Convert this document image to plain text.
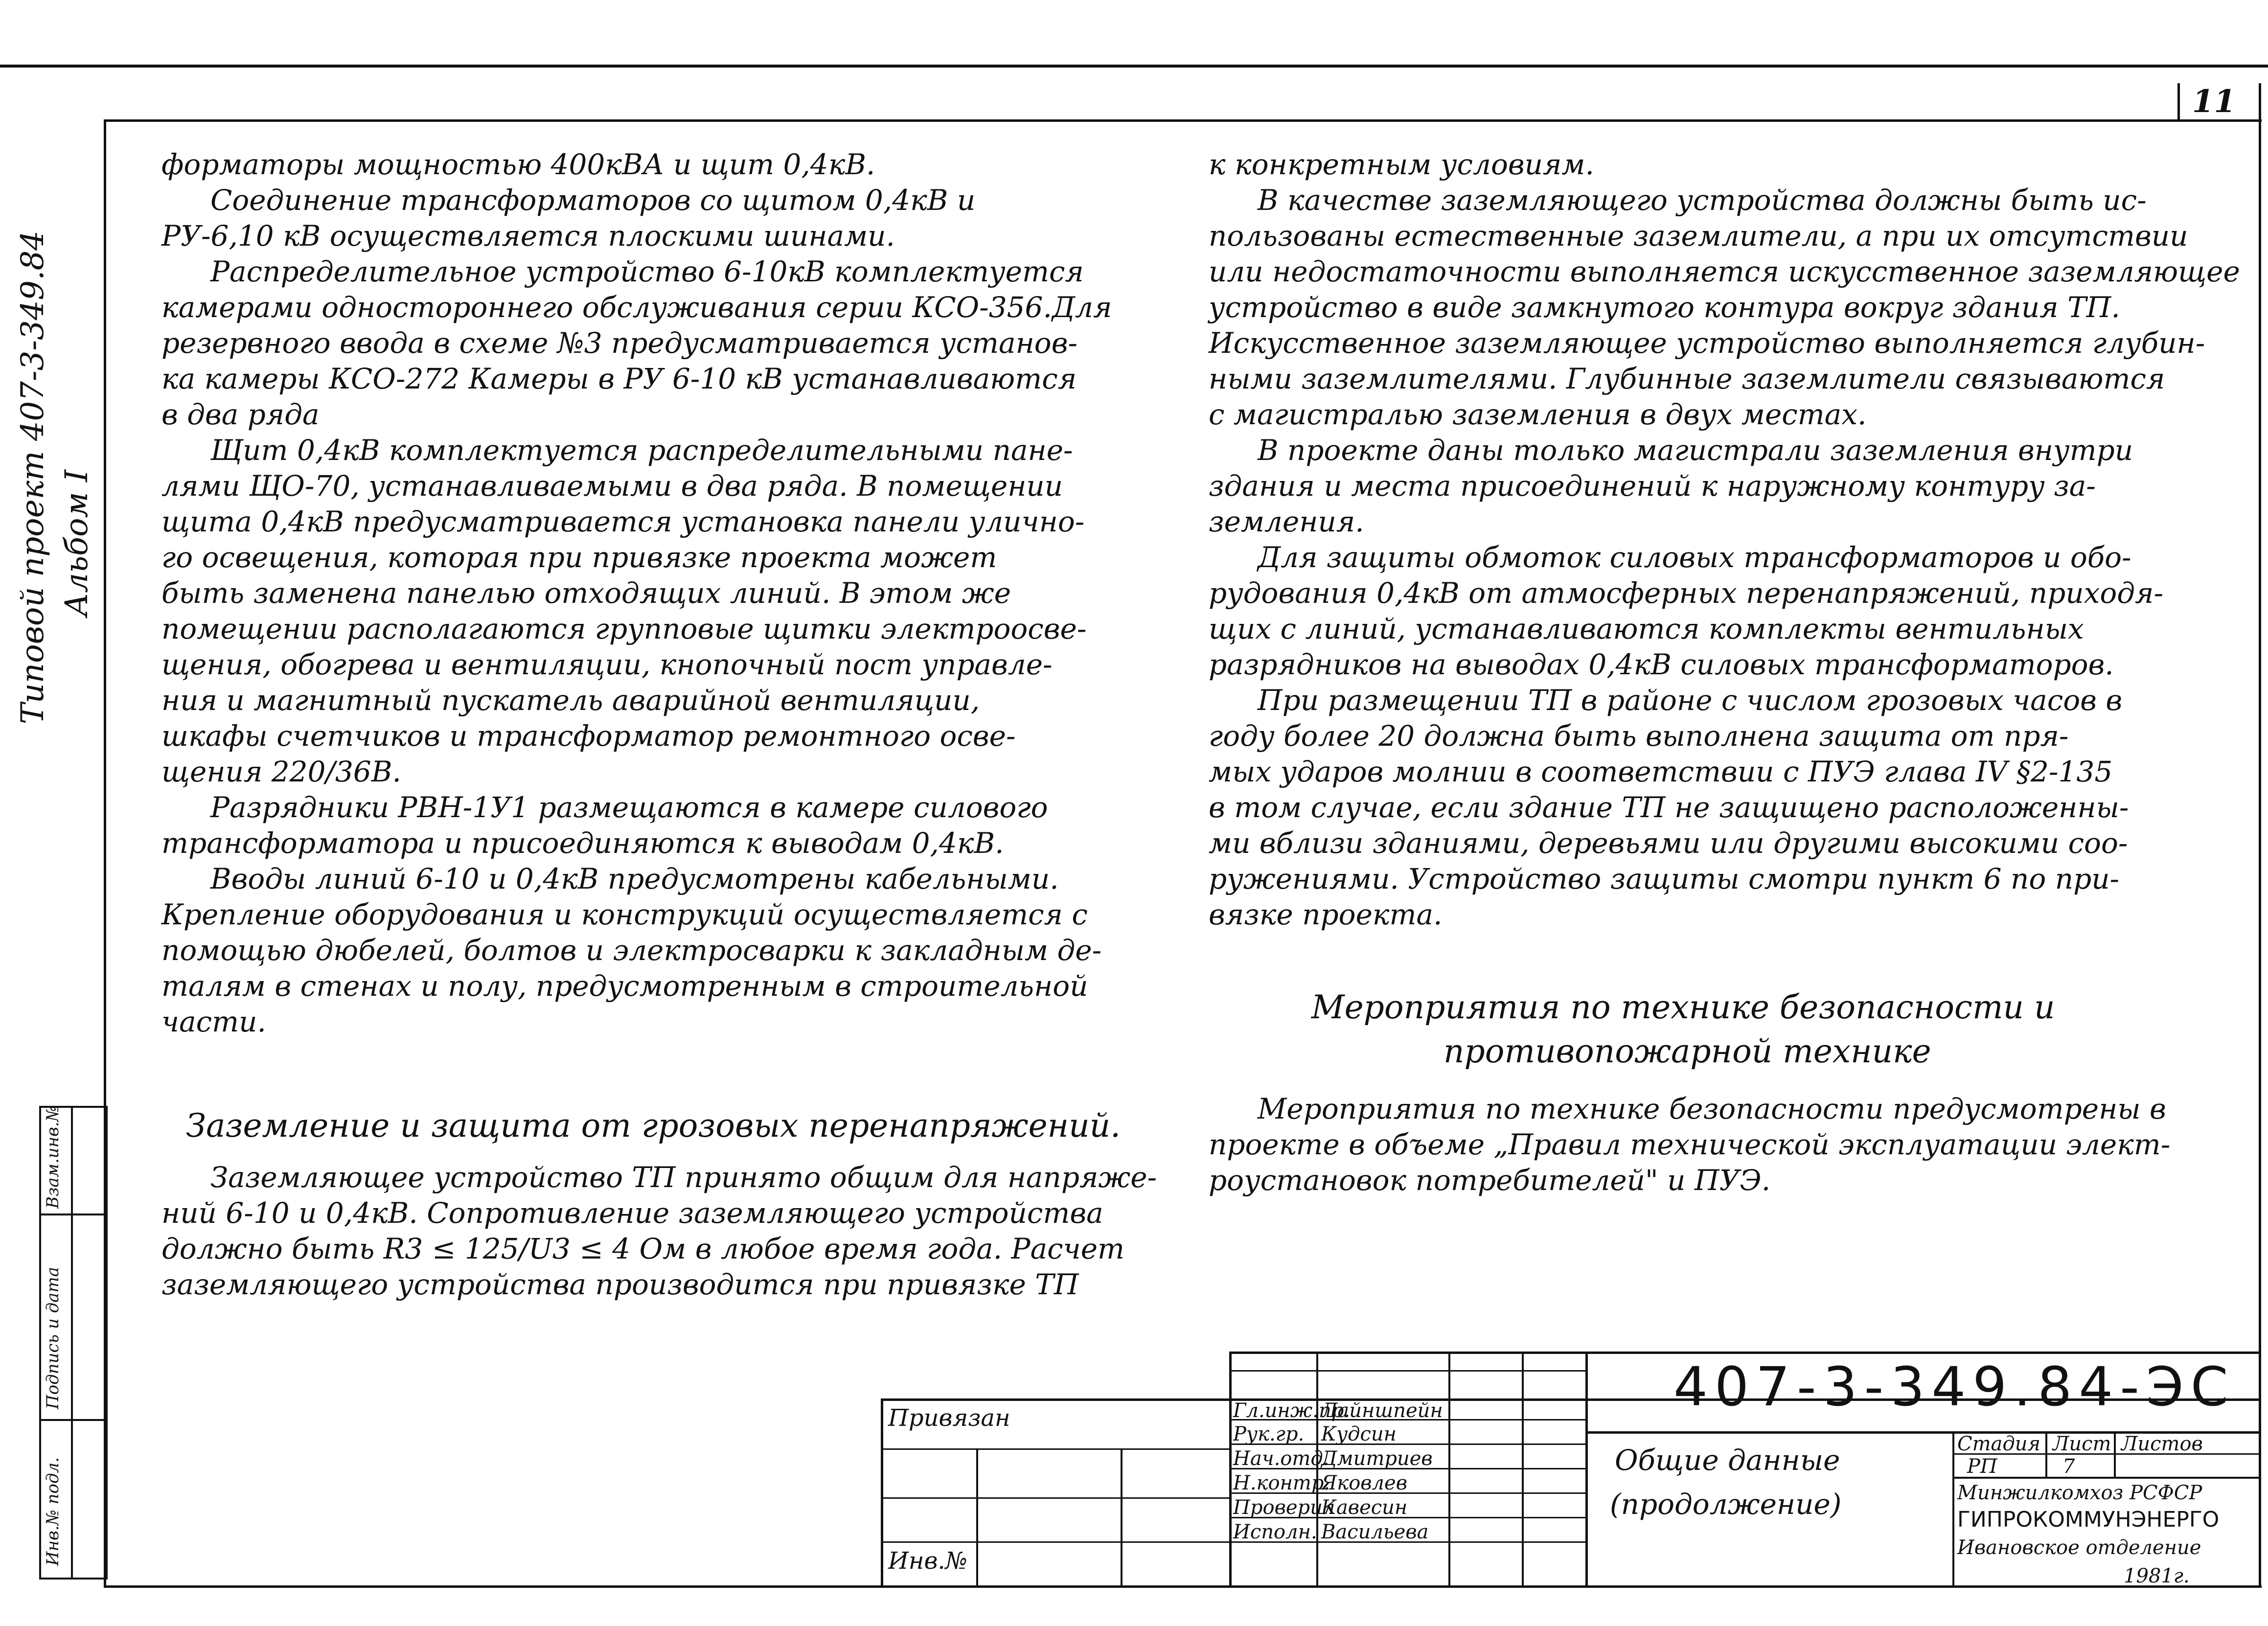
11
Типовой проект 407-3-349.84 Альбом I
Инв.№ подл.
Подпись и дата
Взам.инв.№

форматоры мощностью 400кВА и щит 0,4кВ.

Соединение трансформаторов со щитом 0,4кВ и

РУ-6,10 кВ осуществляется плоскими шинами.

Распределительное устройство 6-10кВ комплектуется

камерами одностороннего обслуживания серии КСО-356.Для

резервного ввода в схеме №3 предусматривается установ-

ка камеры КСО-272 Камеры в РУ 6-10 кВ устанавливаются

в два ряда

Щит 0,4кВ комплектуется распределительными пане-

лями ЩО-70, устанавливаемыми в два ряда. В помещении

щита 0,4кВ предусматривается установка панели улично-

го освещения, которая при привязке проекта может

быть заменена панелью отходящих линий. В этом же

помещении располагаются групповые щитки электроосве-

щения, обогрева и вентиляции, кнопочный пост управле-

ния и магнитный пускатель аварийной вентиляции,

шкафы счетчиков и трансформатор ремонтного осве-

щения 220/36В.

Разрядники РВН-1У1 размещаются в камере силового

трансформатора и присоединяются к выводам 0,4кВ.

Вводы линий 6-10 и 0,4кВ предусмотрены кабельными.

Крепление оборудования и конструкций осуществляется с

помощью дюбелей, болтов и электросварки к закладным де-

талям в стенах и полу, предусмотренным в строительной

части.

Заземление и защита от грозовых перенапряжений.

Заземляющее устройство ТП принято общим для напряже-

ний 6-10 и 0,4кВ. Сопротивление заземляющего устройства

должно быть R3 ≤ 125/U3 ≤ 4 Ом в любое время года. Расчет

заземляющего устройства производится при привязке ТП

к конкретным условиям.

В качестве заземляющего устройства должны быть ис-

пользованы естественные заземлители, а при их отсутствии

или недостаточности выполняется искусственное заземляющее

устройство в виде замкнутого контура вокруг здания ТП.

Искусственное заземляющее устройство выполняется глубин-

ными заземлителями. Глубинные заземлители связываются

с магистралью заземления в двух местах.

В проекте даны только магистрали заземления внутри

здания и места присоединений к наружному контуру за-

земления.

Для защиты обмоток силовых трансформаторов и обо-

рудования 0,4кВ от атмосферных перенапряжений, приходя-

щих с линий, устанавливаются комплекты вентильных

разрядников на выводах 0,4кВ силовых трансформаторов.

При размещении ТП в районе с числом грозовых часов в

году более 20 должна быть выполнена защита от пря-

мых ударов молнии в соответствии с ПУЭ глава IV §2-135

в том случае, если здание ТП не защищено расположенны-

ми вблизи зданиями, деревьями или другими высокими соо-

ружениями. Устройство защиты смотри пункт 6 по при-

вязке проекта.

Мероприятия по технике безопасности и
противопожарной технике

Мероприятия по технике безопасности предусмотрены в

проекте в объеме „Правил технической эксплуатации элект-

роустановок потребителей" и ПУЭ.

407-3-349.84-ЭС
Привязан
Инв.№
Гл.инж.пр.
Рук.гр.
Нач.отд.
Н.контр.
Проверил
Исполн.
Лайншпейн
Кудсин
Дмитриев
Яковлев
Кавесин
Васильева
Общие данные
(продолжение)
Стадия Лист Листов
РП	7
Минжилкомхоз РСФСР
ГИПРОКОММУНЭНЕРГО
Ивановское отделение
1981г.
